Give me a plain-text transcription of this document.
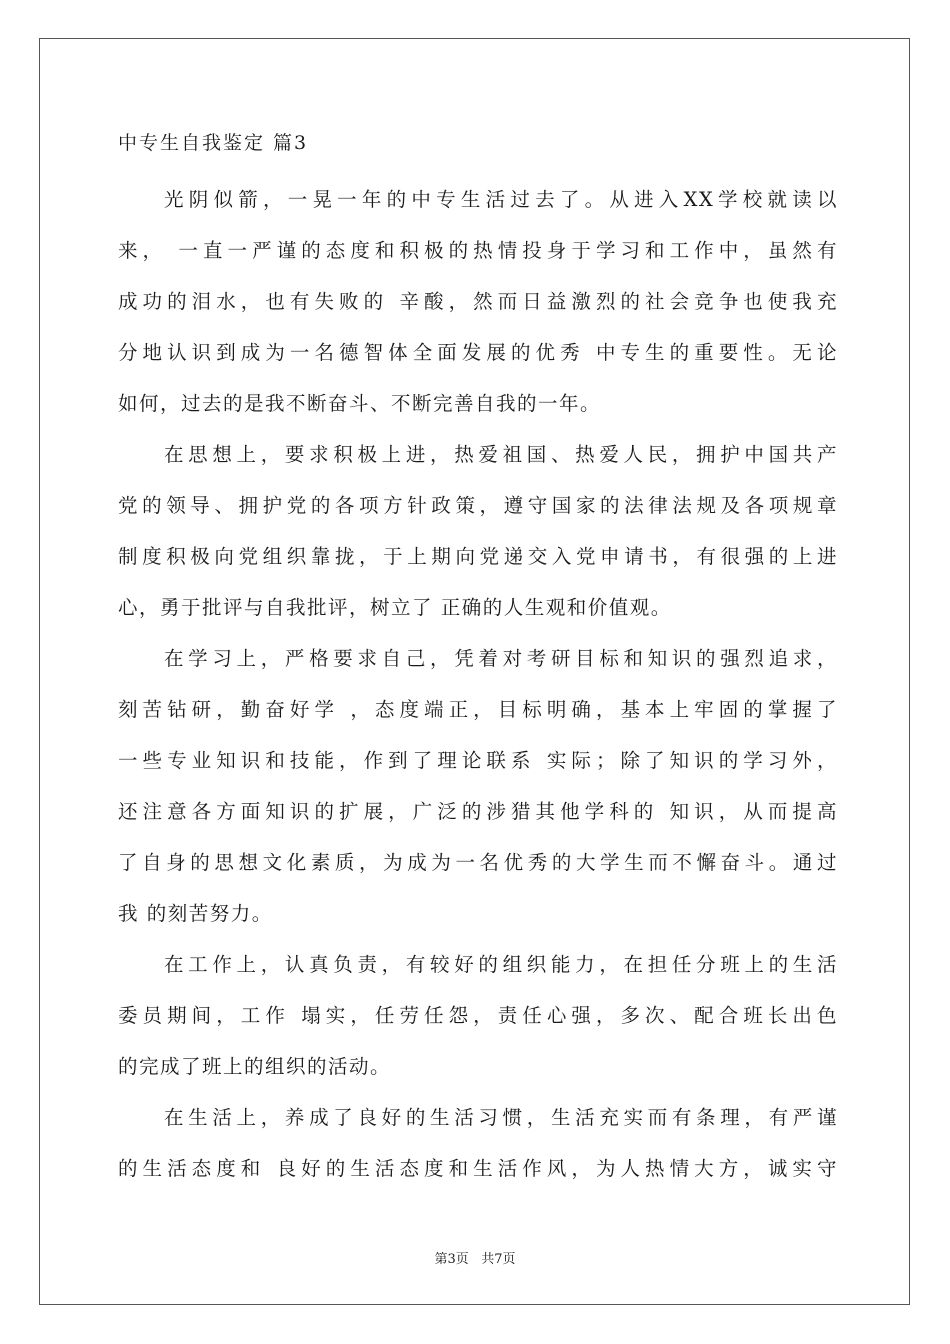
中专生自我鉴定 篇3
光阴似箭，一晃一年的中专生活过去了。从进入XX学校就读以
来， 一直一严谨的态度和积极的热情投身于学习和工作中，虽然有
成功的泪水，也有失败的 辛酸，然而日益激烈的社会竞争也使我充
分地认识到成为一名德智体全面发展的优秀 中专生的重要性。无论
如何，过去的是我不断奋斗、不断完善自我的一年。
在思想上，要求积极上进，热爱祖国、热爱人民，拥护中国共产
党的领导、拥护党的各项方针政策，遵守国家的法律法规及各项规章
制度积极向党组织靠拢，于上期向党递交入党申请书，有很强的上进
心，勇于批评与自我批评，树立了 正确的人生观和价值观。
在学习上，严格要求自己，凭着对考研目标和知识的强烈追求，
刻苦钻研，勤奋好学 ，态度端正，目标明确，基本上牢固的掌握了
一些专业知识和技能，作到了理论联系 实际；除了知识的学习外，
还注意各方面知识的扩展，广泛的涉猎其他学科的 知识，从而提高
了自身的思想文化素质，为成为一名优秀的大学生而不懈奋斗。通过
我 的刻苦努力。
在工作上，认真负责，有较好的组织能力，在担任分班上的生活
委员期间，工作 塌实，任劳任怨，责任心强，多次、配合班长出色
的完成了班上的组织的活动。
在生活上，养成了良好的生活习惯，生活充实而有条理，有严谨
的生活态度和 良好的生活态度和生活作风，为人热情大方，诚实守
第3页 共7页
